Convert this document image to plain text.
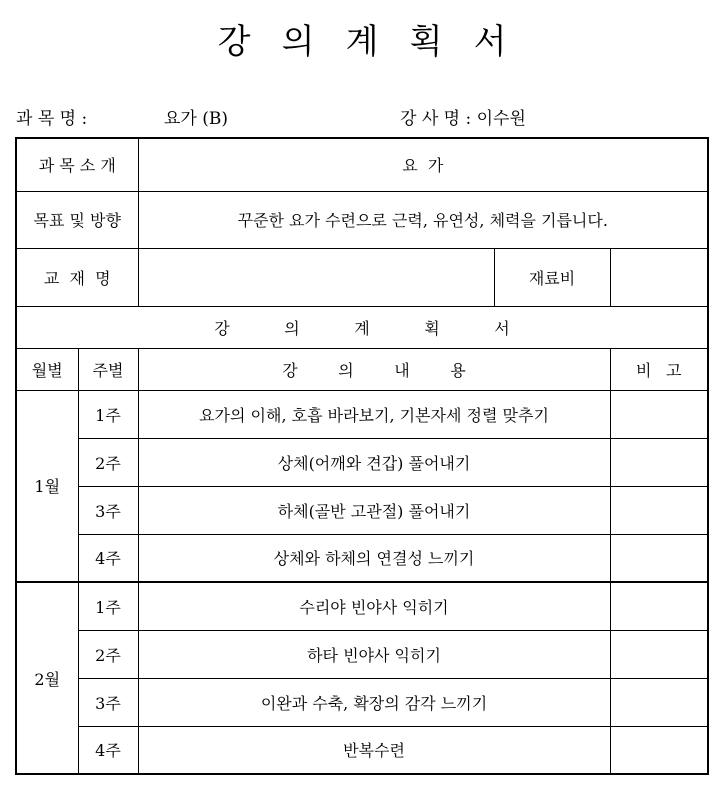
강 의 계 획 서
과 목 명 :	요가 (B)	강 사 명 : 이수원
과 목 소 개		요  가		
목표 및 방향		꾸준한 요가 수련으로 근력, 유연성, 체력을 기릅니다.		
교  재  명			재료비	
강 의 계 획 서				
월별	주별	강 의 내 용		비 고
1월	1주	요가의 이해, 호흡 바라보기, 기본자세 정렬 맞추기		
	2주	상체(어깨와 견갑) 풀어내기		
	3주	하체(골반 고관절) 풀어내기		
	4주	상체와 하체의 연결성 느끼기		
2월	1주	수리야 빈야사 익히기		
	2주	하타 빈야사 익히기		
	3주	이완과 수축, 확장의 감각 느끼기		
	4주	반복수련		
